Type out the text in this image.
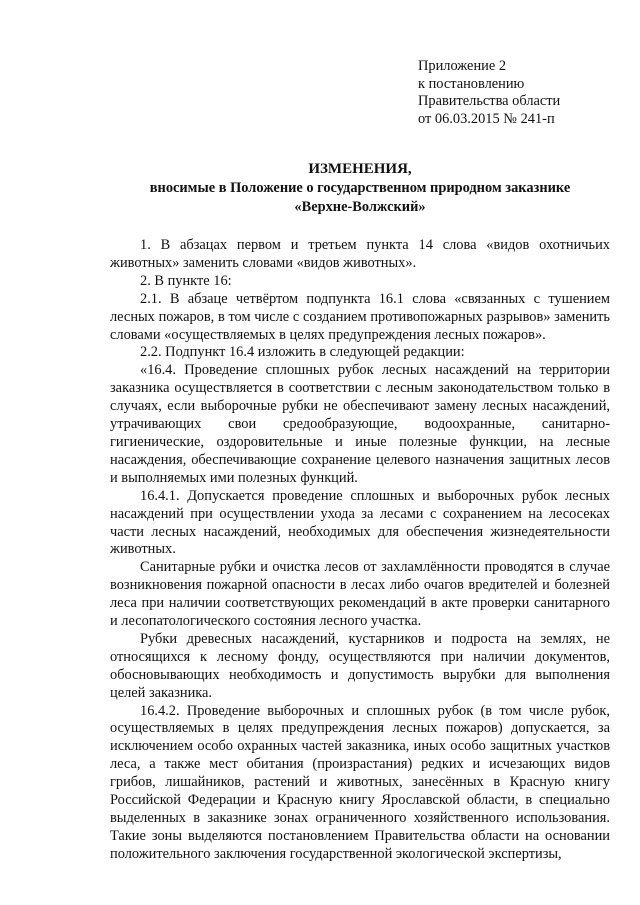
Приложение 2
к постановлению
Правительства области
от 06.03.2015 № 241-п
ИЗМЕНЕНИЯ,
вносимые в Положение о государственном природном заказнике
«Верхне-Волжский»

1. В абзацах первом и третьем пункта 14 слова «видов охотничьих животных» заменить словами «видов животных».

2. В пункте 16:

2.1. В абзаце четвёртом подпункта 16.1 слова «связанных с тушением лесных пожаров, в том числе с созданием противопожарных разрывов» заменить словами «осуществляемых в целях предупреждения лесных пожаров».

2.2. Подпункт 16.4 изложить в следующей редакции:

«16.4. Проведение сплошных рубок лесных насаждений на территории заказника осуществляется в соответствии с лесным законодательством только в случаях, если выборочные рубки не обеспечивают замену лесных насаждений, утрачивающих свои средообразующие, водоохранные, санитарно-гигиенические, оздоровительные и иные полезные функции, на лесные насаждения, обеспечивающие сохранение целевого назначения защитных лесов и выполняемых ими полезных функций.

16.4.1. Допускается проведение сплошных и выборочных рубок лесных насаждений при осуществлении ухода за лесами с сохранением на лесосеках части лесных насаждений, необходимых для обеспечения жизнедеятельности животных.

Санитарные рубки и очистка лесов от захламлённости проводятся в случае возникновения пожарной опасности в лесах либо очагов вредителей и болезней леса при наличии соответствующих рекомендаций в акте проверки санитарного и лесопатологического состояния лесного участка.

Рубки древесных насаждений, кустарников и подроста на землях, не относящихся к лесному фонду, осуществляются при наличии документов, обосновывающих необходимость и допустимость вырубки для выполнения целей заказника.

16.4.2. Проведение выборочных и сплошных рубок (в том числе рубок, осуществляемых в целях предупреждения лесных пожаров) допускается, за исключением особо охранных частей заказника, иных особо защитных участков леса, а также мест обитания (произрастания) редких и исчезающих видов грибов, лишайников, растений и животных, занесённых в Красную книгу Российской Федерации и Красную книгу Ярославской области, в специально выделенных в заказнике зонах ограниченного хозяйственного использования. Такие зоны выделяются постановлением Правительства области на основании положительного заключения государственной экологической экспертизы,
